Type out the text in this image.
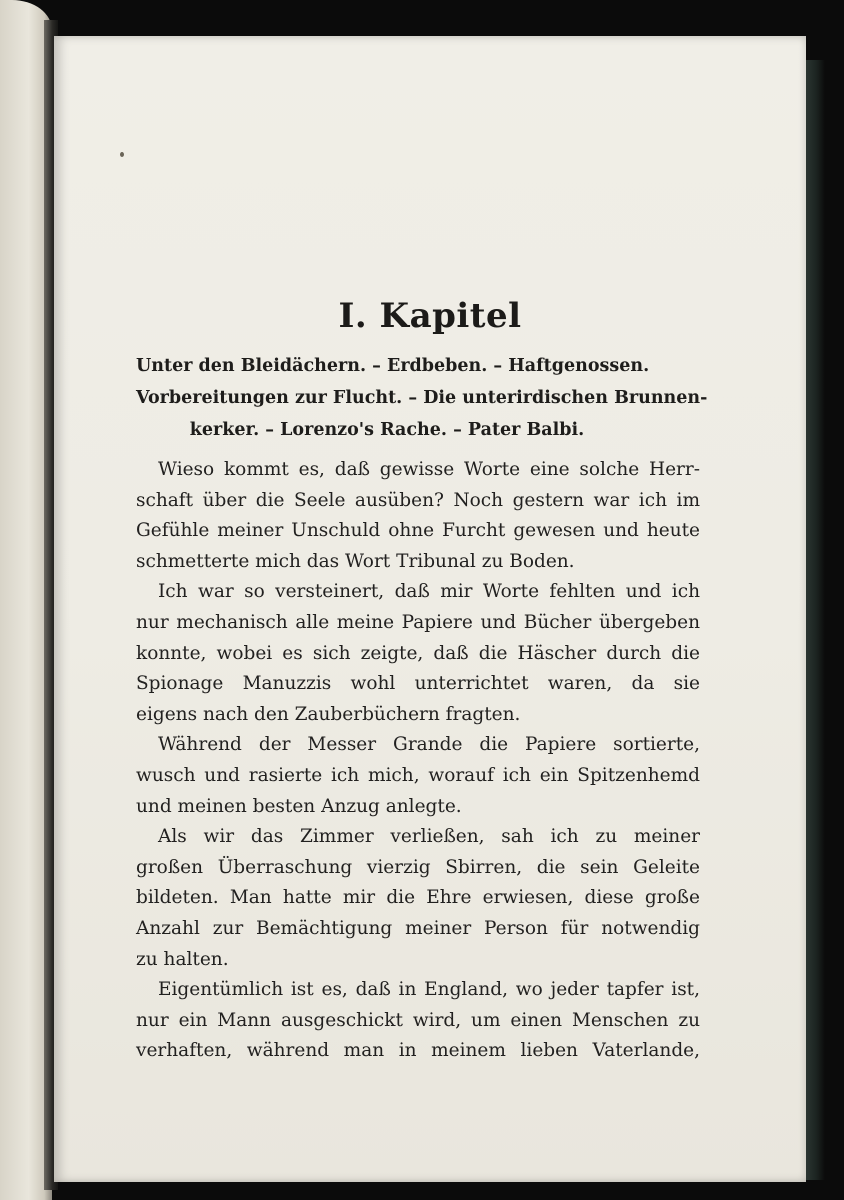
I. Kapitel
Unter den Bleidächern. – Erdbeben. – Haftgenossen.
Vorbereitungen zur Flucht. – Die unterirdischen Brunnen-
kerker. – Lorenzo's Rache. – Pater Balbi.
Wieso kommt es, daß gewisse Worte eine solche Herr-
schaft über die Seele ausüben? Noch gestern war ich im
Gefühle meiner Unschuld ohne Furcht gewesen und heute
schmetterte mich das Wort Tribunal zu Boden.
Ich war so versteinert, daß mir Worte fehlten und ich
nur mechanisch alle meine Papiere und Bücher übergeben
konnte, wobei es sich zeigte, daß die Häscher durch die
Spionage Manuzzis wohl unterrichtet waren, da sie
eigens nach den Zauberbüchern fragten.
Während der Messer Grande die Papiere sortierte,
wusch und rasierte ich mich, worauf ich ein Spitzenhemd
und meinen besten Anzug anlegte.
Als wir das Zimmer verließen, sah ich zu meiner
großen Überraschung vierzig Sbirren, die sein Geleite
bildeten. Man hatte mir die Ehre erwiesen, diese große
Anzahl zur Bemächtigung meiner Person für notwendig
zu halten.
Eigentümlich ist es, daß in England, wo jeder tapfer ist,
nur ein Mann ausgeschickt wird, um einen Menschen zu
verhaften, während man in meinem lieben Vaterlande,
